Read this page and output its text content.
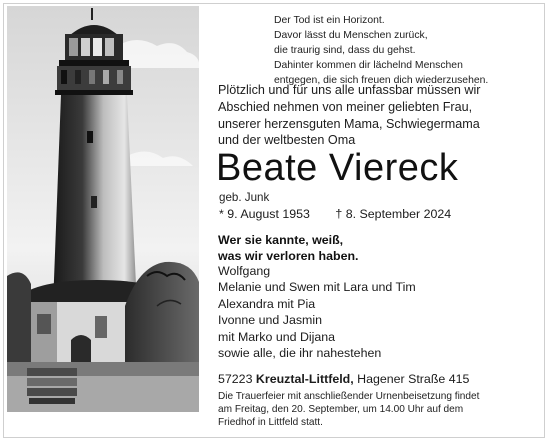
Der Tod ist ein Horizont.
Davor lässt du Menschen zurück,
die traurig sind, dass du gehst.
Dahinter kommen dir lächelnd Menschen
entgegen, die sich freuen dich wiederzusehen.
Plötzlich und für uns alle unfassbar müssen wir
Abschied nehmen von meiner geliebten Frau,
unserer herzensguten Mama, Schwiegermama
und der weltbesten Oma
Beate Viereck
geb. Junk
* 9. August 1953 † 8. September 2024
Wer sie kannte, weiß,
was wir verloren haben.
Wolfgang
Melanie und Swen mit Lara und Tim
Alexandra mit Pia
Ivonne und Jasmin
mit Marko und Dijana
sowie alle, die ihr nahestehen
57223 Kreuztal-Littfeld, Hagener Straße 415
Die Trauerfeier mit anschließender Urnenbeisetzung findet
am Freitag, den 20. September, um 14.00 Uhr auf dem
Friedhof in Littfeld statt.
